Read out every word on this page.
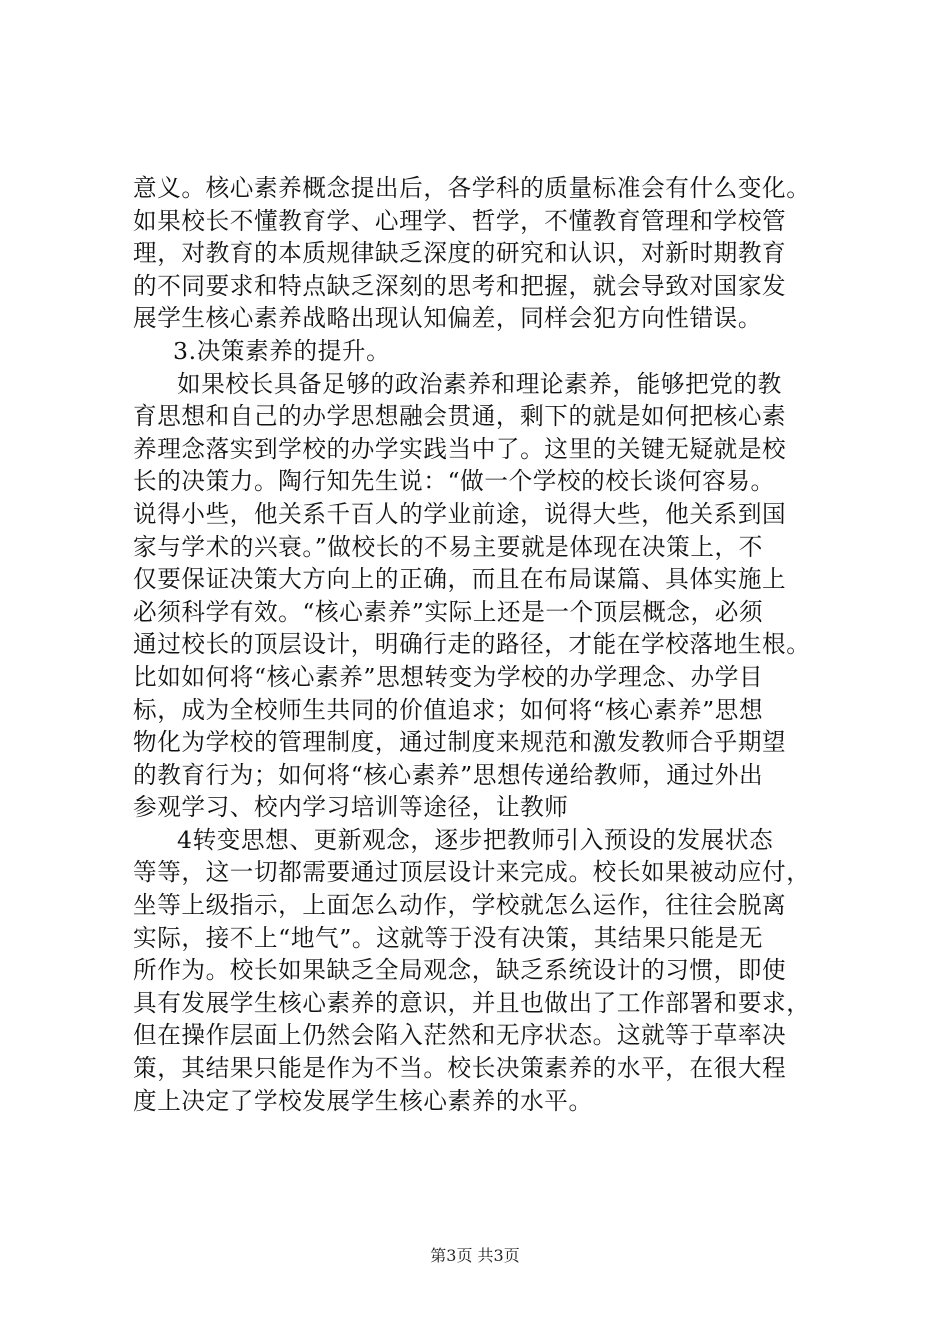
意义。核心素养概念提出后，各学科的质量标准会有什么变化。
如果校长不懂教育学、心理学、哲学，不懂教育管理和学校管
理，对教育的本质规律缺乏深度的研究和认识，对新时期教育
的不同要求和特点缺乏深刻的思考和把握，就会导致对国家发
展学生核心素养战略出现认知偏差，同样会犯方向性错误。
3.决策素养的提升。
如果校长具备足够的政治素养和理论素养，能够把党的教
育思想和自己的办学思想融会贯通，剩下的就是如何把核心素
养理念落实到学校的办学实践当中了。这里的关键无疑就是校
长的决策力。陶行知先生说：“做一个学校的校长谈何容易。
说得小些，他关系千百人的学业前途，说得大些，他关系到国
家与学术的兴衰。”做校长的不易主要就是体现在决策上，不
仅要保证决策大方向上的正确，而且在布局谋篇、具体实施上
必须科学有效。“核心素养”实际上还是一个顶层概念，必须
通过校长的顶层设计，明确行走的路径，才能在学校落地生根。
比如如何将“核心素养”思想转变为学校的办学理念、办学目
标，成为全校师生共同的价值追求；如何将“核心素养”思想
物化为学校的管理制度，通过制度来规范和激发教师合乎期望
的教育行为；如何将“核心素养”思想传递给教师，通过外出
参观学习、校内学习培训等途径，让教师
4转变思想、更新观念，逐步把教师引入预设的发展状态
等等，这一切都需要通过顶层设计来完成。校长如果被动应付，
坐等上级指示，上面怎么动作，学校就怎么运作，往往会脱离
实际，接不上“地气”。这就等于没有决策，其结果只能是无
所作为。校长如果缺乏全局观念，缺乏系统设计的习惯，即使
具有发展学生核心素养的意识，并且也做出了工作部署和要求，
但在操作层面上仍然会陷入茫然和无序状态。这就等于草率决
策，其结果只能是作为不当。校长决策素养的水平，在很大程
度上决定了学校发展学生核心素养的水平。
第3页 共3页
